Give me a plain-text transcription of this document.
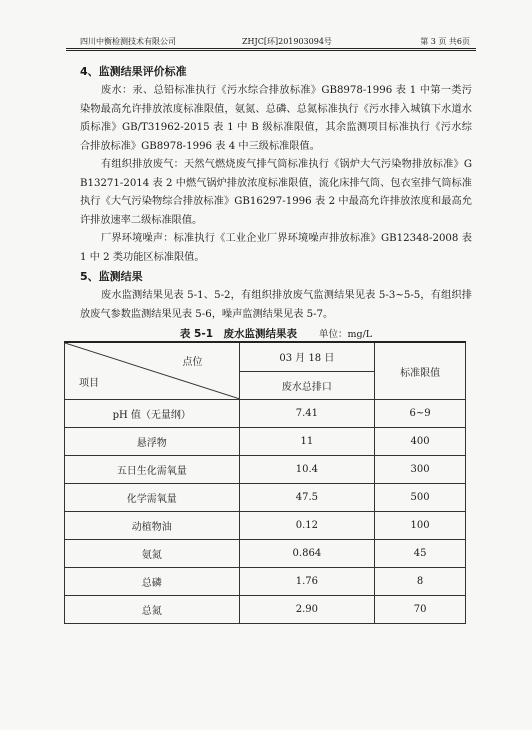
四川中衡检测技术有限公司	ZHJC[环]201903094号	第 3 页 共6页

4、监测结果评价标准

废水：汞、总铅标准执行《污水综合排放标准》GB8978-1996 表 1 中第一类污染物最高允许排放浓度标准限值，氨氮、总磷、总氮标准执行《污水排入城镇下水道水质标准》GB/T31962-2015 表 1 中 B 级标准限值，其余监测项目标准执行《污水综合排放标准》GB8978-1996 表 4 中三级标准限值。

有组织排放废气：天然气燃烧废气排气筒标准执行《锅炉大气污染物排放标准》GB13271-2014 表 2 中燃气锅炉排放浓度标准限值，流化床排气筒、包衣室排气筒标准执行《大气污染物综合排放标准》GB16297-1996 表 2 中最高允许排放浓度和最高允许排放速率二级标准限值。

厂界环境噪声：标准执行《工业企业厂界环境噪声排放标准》GB12348-2008 表 1 中 2 类功能区标准限值。

5、监测结果

废水监测结果见表 5-1、5-2，有组织排放废气监测结果见表 5-3~5-5，有组织排放废气参数监测结果见表 5-6，噪声监测结果见表 5-7。

表 5-1　废水监测结果表 单位：mg/L
点位
项目	03 月 18 日	标准限值
	废水总排口	
pH 值（无量纲）	7.41	6~9
悬浮物	11	400
五日生化需氧量	10.4	300
化学需氧量	47.5	500
动植物油	0.12	100
氨氮	0.864	45
总磷	1.76	8
总氮	2.90	70
